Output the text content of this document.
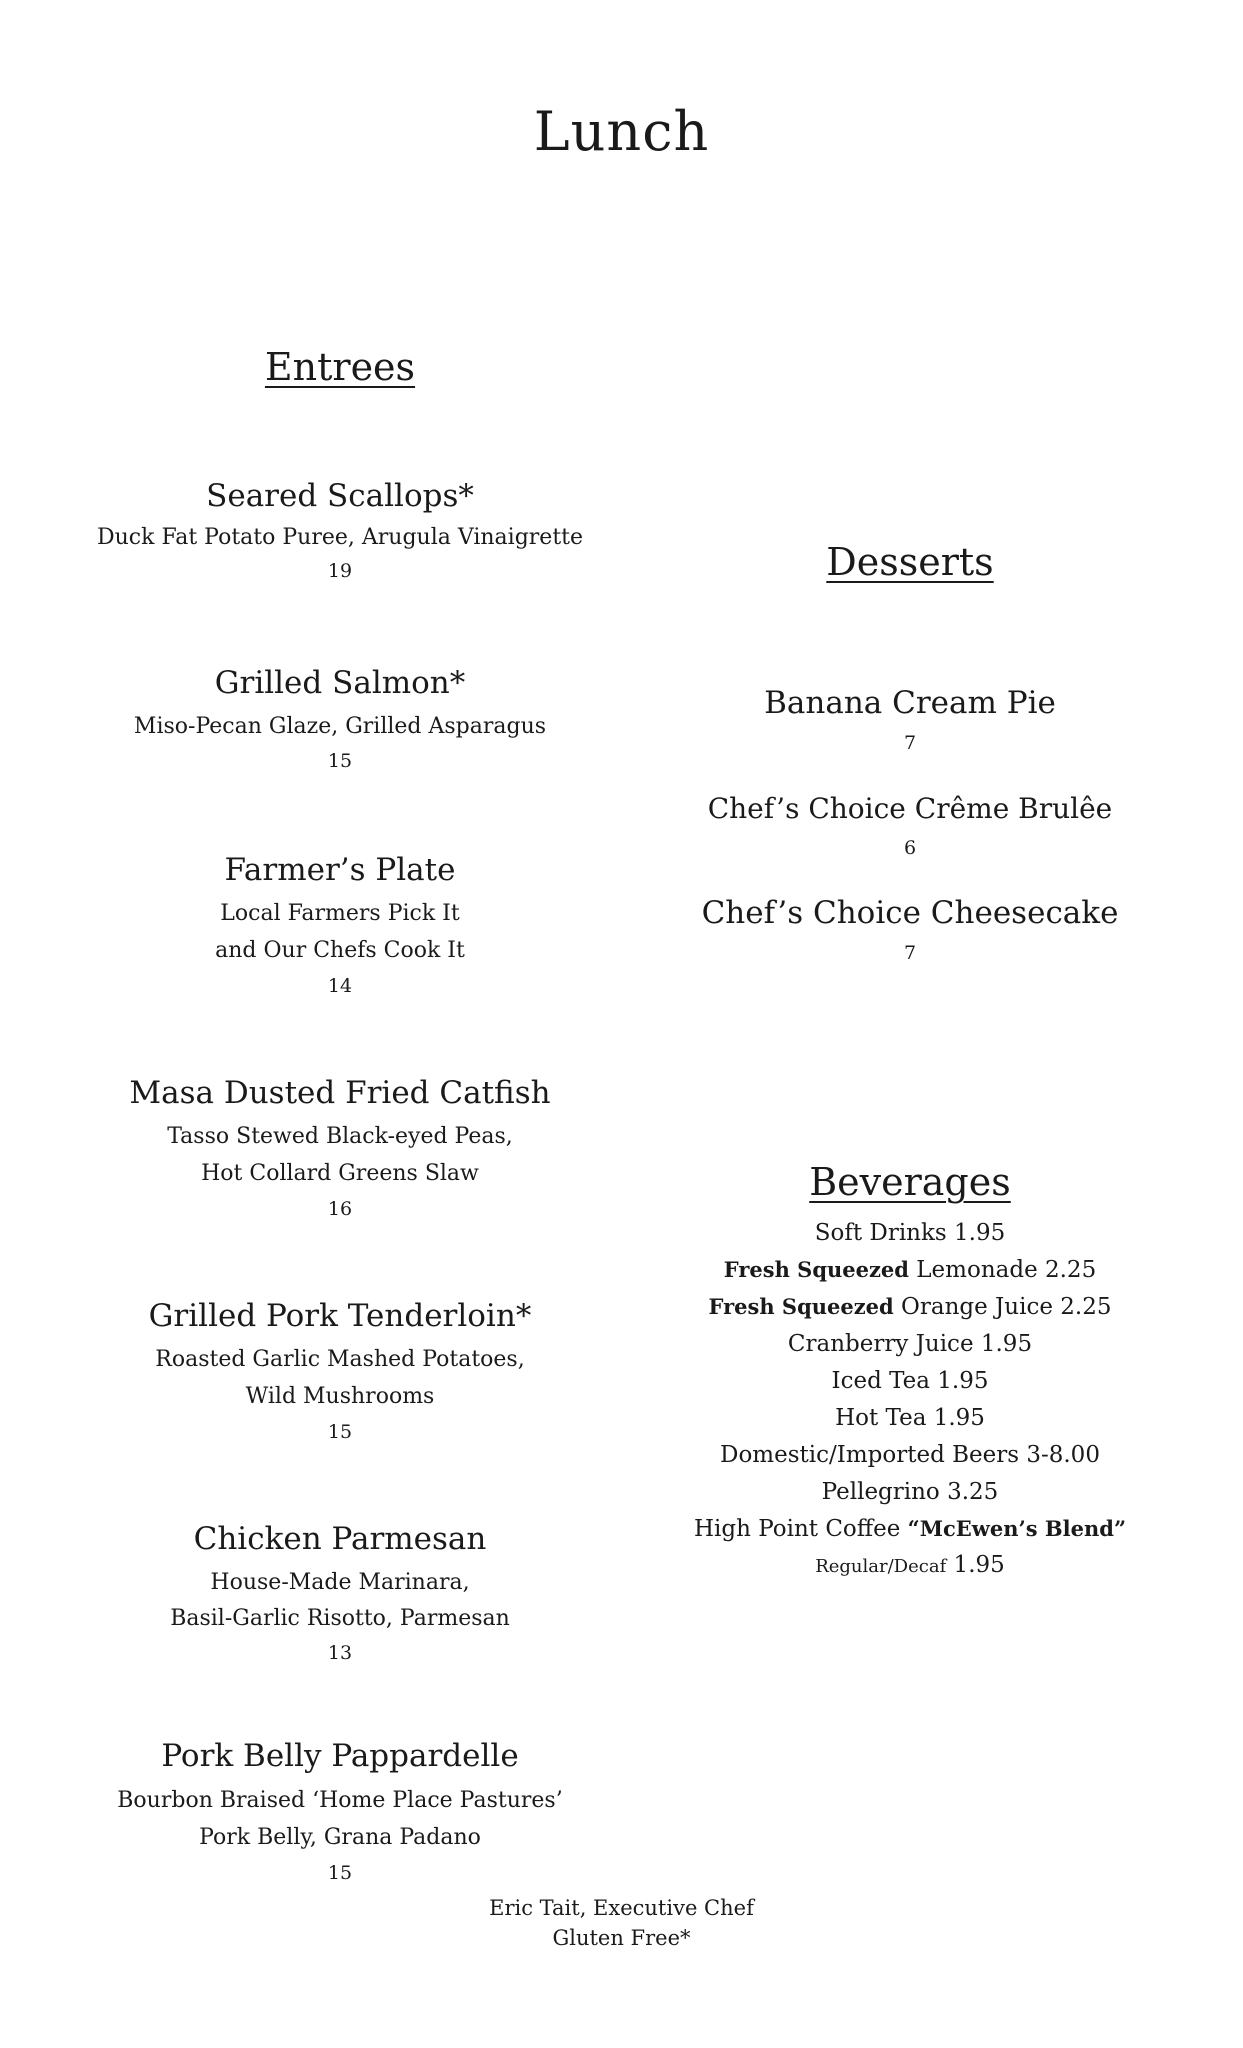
Lunch
Entrees
Seared Scallops*
Duck Fat Potato Puree, Arugula Vinaigrette
19
Grilled Salmon*
Miso-Pecan Glaze, Grilled Asparagus
15
Farmer’s Plate
Local Farmers Pick It
and Our Chefs Cook It
14
Masa Dusted Fried Catfish
Tasso Stewed Black-eyed Peas,
Hot Collard Greens Slaw
16
Grilled Pork Tenderloin*
Roasted Garlic Mashed Potatoes,
Wild Mushrooms
15
Chicken Parmesan
House-Made Marinara,
Basil-Garlic Risotto, Parmesan
13
Pork Belly Pappardelle
Bourbon Braised ‘Home Place Pastures’
Pork Belly, Grana Padano
15
Desserts
Banana Cream Pie
7
Chef’s Choice Crême Brulêe
6
Chef’s Choice Cheesecake
7
Beverages
Soft Drinks 1.95
Fresh Squeezed Lemonade 2.25
Fresh Squeezed Orange Juice 2.25
Cranberry Juice 1.95
Iced Tea 1.95
Hot Tea 1.95
Domestic/Imported Beers 3-8.00
Pellegrino 3.25
High Point Coffee “McEwen’s Blend”
Regular/Decaf 1.95
Eric Tait, Executive Chef
Gluten Free*
